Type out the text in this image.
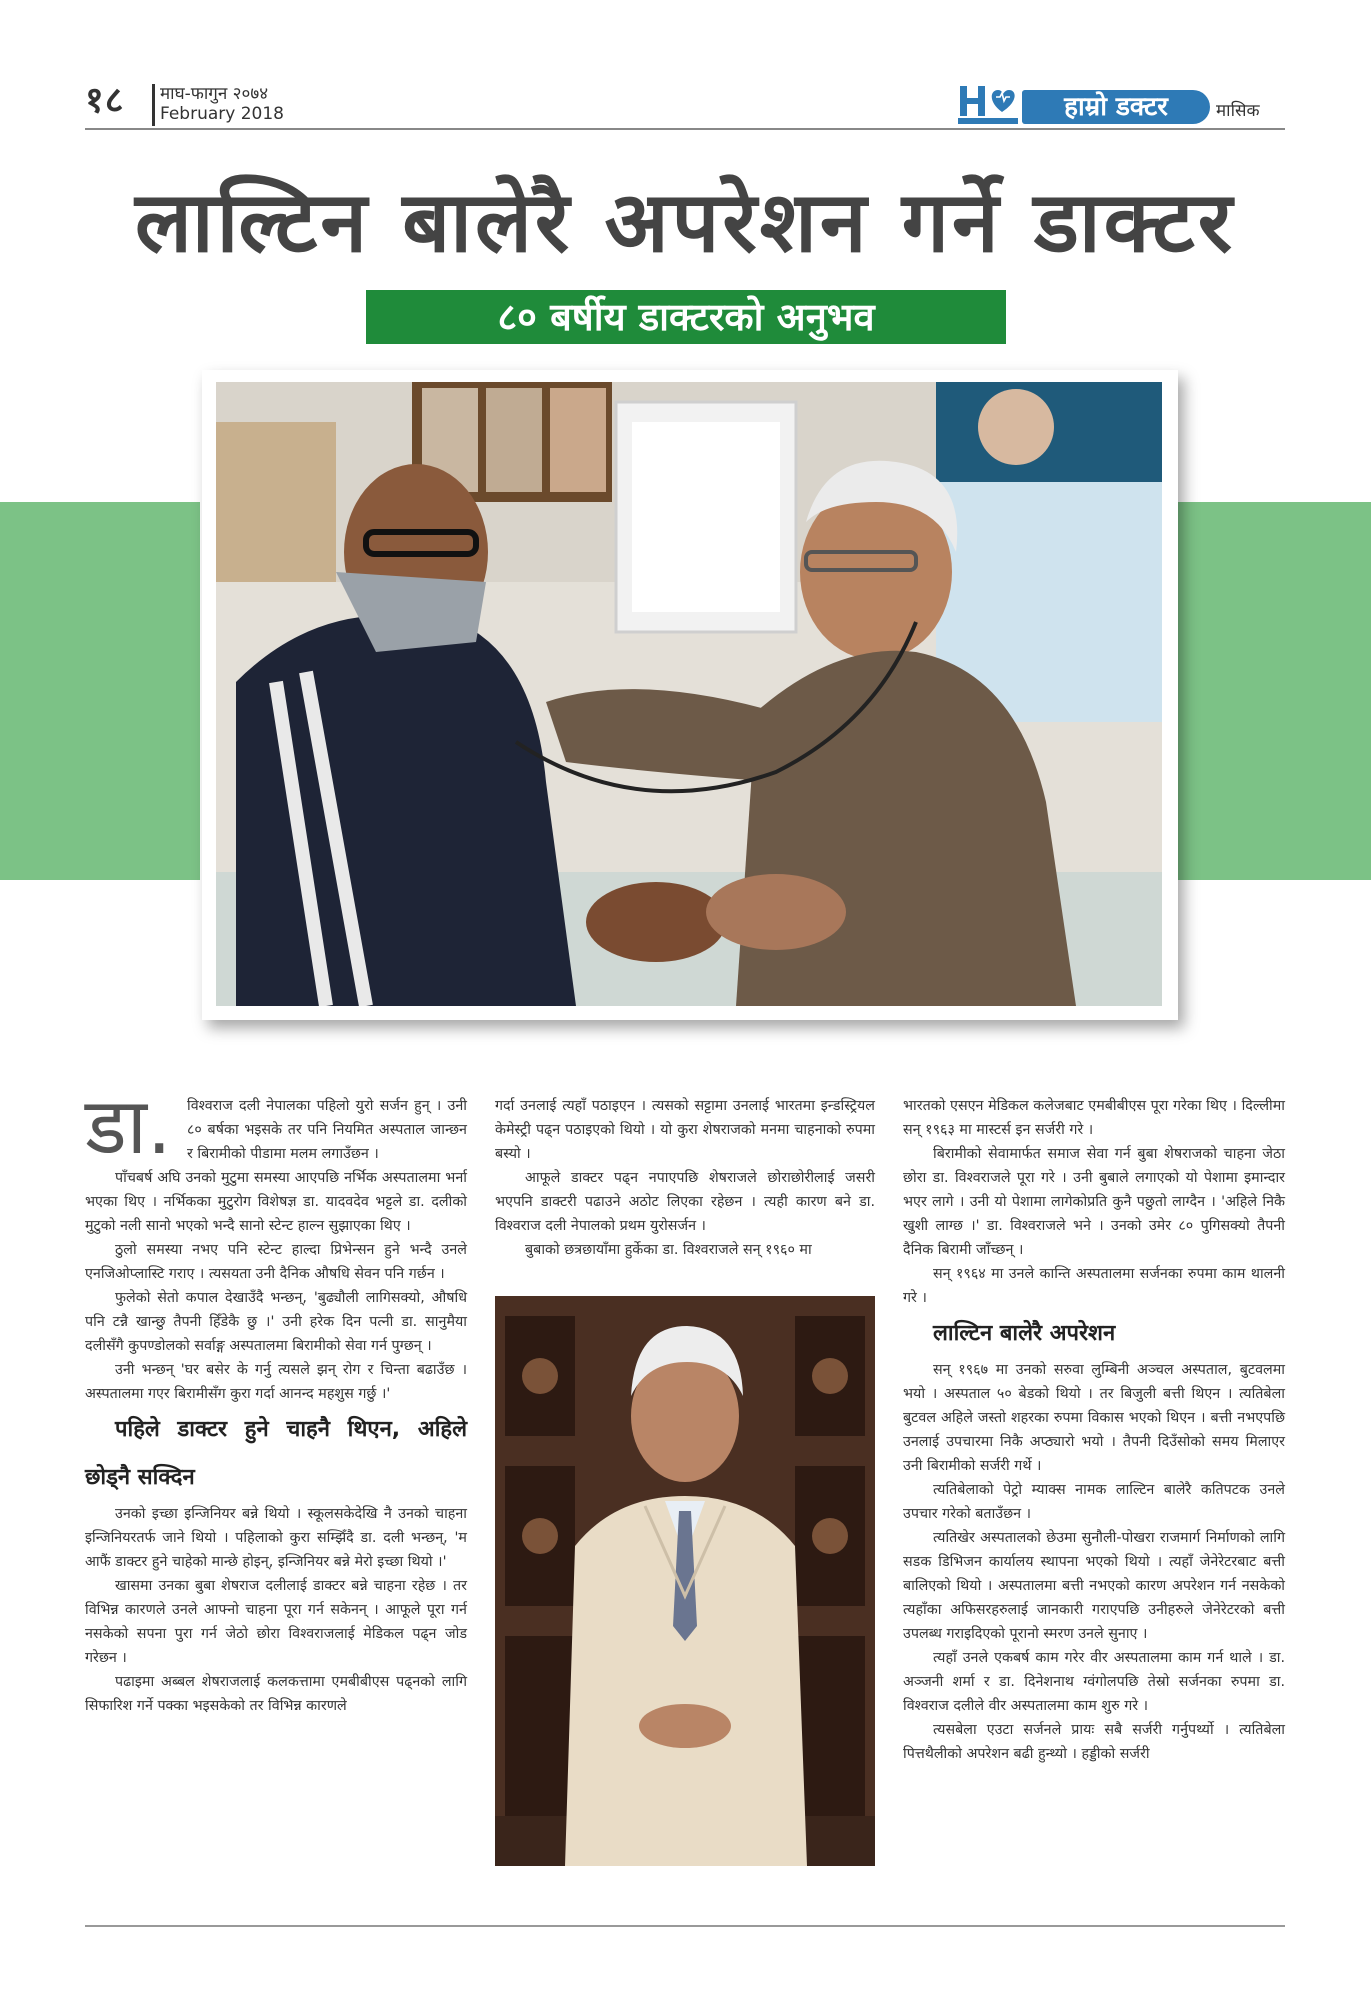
१८ माघ-फागुन २०७४
February 2018	हाम्रो डक्टर	मासिक
लाल्टिन बालेरै अपरेशन गर्ने डाक्टर
८० बर्षीय डाक्टरको अनुभव
डा. विश्वराज दली नेपालका पहिलो युरो सर्जन हुन् । उनी ८० बर्षका भइसके तर पनि नियमित अस्पताल जान्छन र बिरामीको पीडामा मलम लगाउँछन ।

पाँचबर्ष अघि उनको मुटुमा समस्या आएपछि नर्भिक अस्पतालमा भर्ना भएका थिए । नर्भिकका मुटुरोग विशेषज्ञ डा. यादवदेव भट्टले डा. दलीको मुटुको नली सानो भएको भन्दै सानो स्टेन्ट हाल्न सुझाएका थिए ।

ठुलो समस्या नभए पनि स्टेन्ट हाल्दा प्रिभेन्सन हुने भन्दै उनले एनजिओप्लास्टि गराए । त्यसयता उनी दैनिक औषधि सेवन पनि गर्छन ।

फुलेको सेतो कपाल देखाउँदै भन्छन्, 'बुढ्यौली लागिसक्यो, औषधि पनि टन्नै खान्छु तैपनी हिँडेकै छु ।' उनी हरेक दिन पत्नी डा. सानुमैया दलीसँगै कुपण्डोलको सर्वाङ्ग अस्पतालमा बिरामीको सेवा गर्न पुग्छन् ।

उनी भन्छन् 'घर बसेर के गर्नु त्यसले झन् रोग र चिन्ता बढाउँछ । अस्पतालमा गएर बिरामीसँग कुरा गर्दा आनन्द महशुस गर्छु ।'

पहिले डाक्टर हुने चाहनै थिएन, अहिले छोड्नै सक्दिन

उनको इच्छा इन्जिनियर बन्ने थियो । स्कूलसकेदेखि नै उनको चाहना इन्जिनियरतर्फ जाने थियो । पहिलाको कुरा सम्झिँदै डा. दली भन्छन्, 'म आफैं डाक्टर हुने चाहेको मान्छे होइन्, इन्जिनियर बन्ने मेरो इच्छा थियो ।'

खासमा उनका बुबा शेषराज दलीलाई डाक्टर बन्ने चाहना रहेछ । तर विभिन्न कारणले उनले आफ्नो चाहना पूरा गर्न सकेनन् । आफूले पूरा गर्न नसकेको सपना पुरा गर्न जेठो छोरा विश्वराजलाई मेडिकल पढ्न जोड गरेछन ।

पढाइमा अब्बल शेषराजलाई कलकत्तामा एमबीबीएस पढ्नको लागि सिफारिश गर्ने पक्का भइसकेको तर विभिन्न कारणले

गर्दा उनलाई त्यहाँ पठाइएन । त्यसको सट्टामा उनलाई भारतमा इन्डस्ट्रियल केमेस्ट्री पढ्न पठाइएको थियो । यो कुरा शेषराजको मनमा चाहनाको रुपमा बस्यो ।

आफूले डाक्टर पढ्न नपाएपछि शेषराजले छोराछोरीलाई जसरी भएपनि डाक्टरी पढाउने अठोट लिएका रहेछन । त्यही कारण बने डा. विश्वराज दली नेपालको प्रथम युरोसर्जन ।

बुबाको छत्रछायाँमा हुर्केका डा. विश्वराजले सन् १९६० मा

भारतको एसएन मेडिकल कलेजबाट एमबीबीएस पूरा गरेका थिए । दिल्लीमा सन् १९६३ मा मास्टर्स इन सर्जरी गरे ।

बिरामीको सेवामार्फत समाज सेवा गर्न बुबा शेषराजको चाहना जेठा छोरा डा. विश्वराजले पूरा गरे । उनी बुबाले लगाएको यो पेशामा इमान्दार भएर लागे । उनी यो पेशामा लागेकोप्रति कुनै पछुतो लाग्दैन । 'अहिले निकै खुशी लाग्छ ।' डा. विश्वराजले भने । उनको उमेर ८० पुगिसक्यो तैपनी दैनिक बिरामी जाँच्छन् ।

सन् १९६४ मा उनले कान्ति अस्पतालमा सर्जनका रुपमा काम थालनी गरे ।

लाल्टिन बालेरै अपरेशन

सन् १९६७ मा उनको सरुवा लुम्बिनी अञ्चल अस्पताल, बुटवलमा भयो । अस्पताल ५० बेडको थियो । तर बिजुली बत्ती थिएन । त्यतिबेला बुटवल अहिले जस्तो शहरका रुपमा विकास भएको थिएन । बत्ती नभएपछि उनलाई उपचारमा निकै अप्ठ्यारो भयो । तैपनी दिउँसोको समय मिलाएर उनी बिरामीको सर्जरी गर्थे ।

त्यतिबेलाको पेट्रो म्याक्स नामक लाल्टिन बालेरै कतिपटक उनले उपचार गरेको बताउँछन ।

त्यतिखेर अस्पतालको छेउमा सुनौली-पोखरा राजमार्ग निर्माणको लागि सडक डिभिजन कार्यालय स्थापना भएको थियो । त्यहाँ जेनेरेटरबाट बत्ती बालिएको थियो । अस्पतालमा बत्ती नभएको कारण अपरेशन गर्न नसकेको त्यहाँका अफिसरहरुलाई जानकारी गराएपछि उनीहरुले जेनेरेटरको बत्ती उपलब्ध गराइदिएको पूरानो स्मरण उनले सुनाए ।

त्यहाँ उनले एकबर्ष काम गरेर वीर अस्पतालमा काम गर्न थाले । डा. अञ्जनी शर्मा र डा. दिनेशनाथ ग्वंगोलपछि तेस्रो सर्जनका रुपमा डा. विश्वराज दलीले वीर अस्पतालमा काम शुरु गरे ।

त्यसबेला एउटा सर्जनले प्रायः सबै सर्जरी गर्नुपर्थ्यो । त्यतिबेला पित्तथैलीको अपरेशन बढी हुन्थ्यो । हड्डीको सर्जरी
